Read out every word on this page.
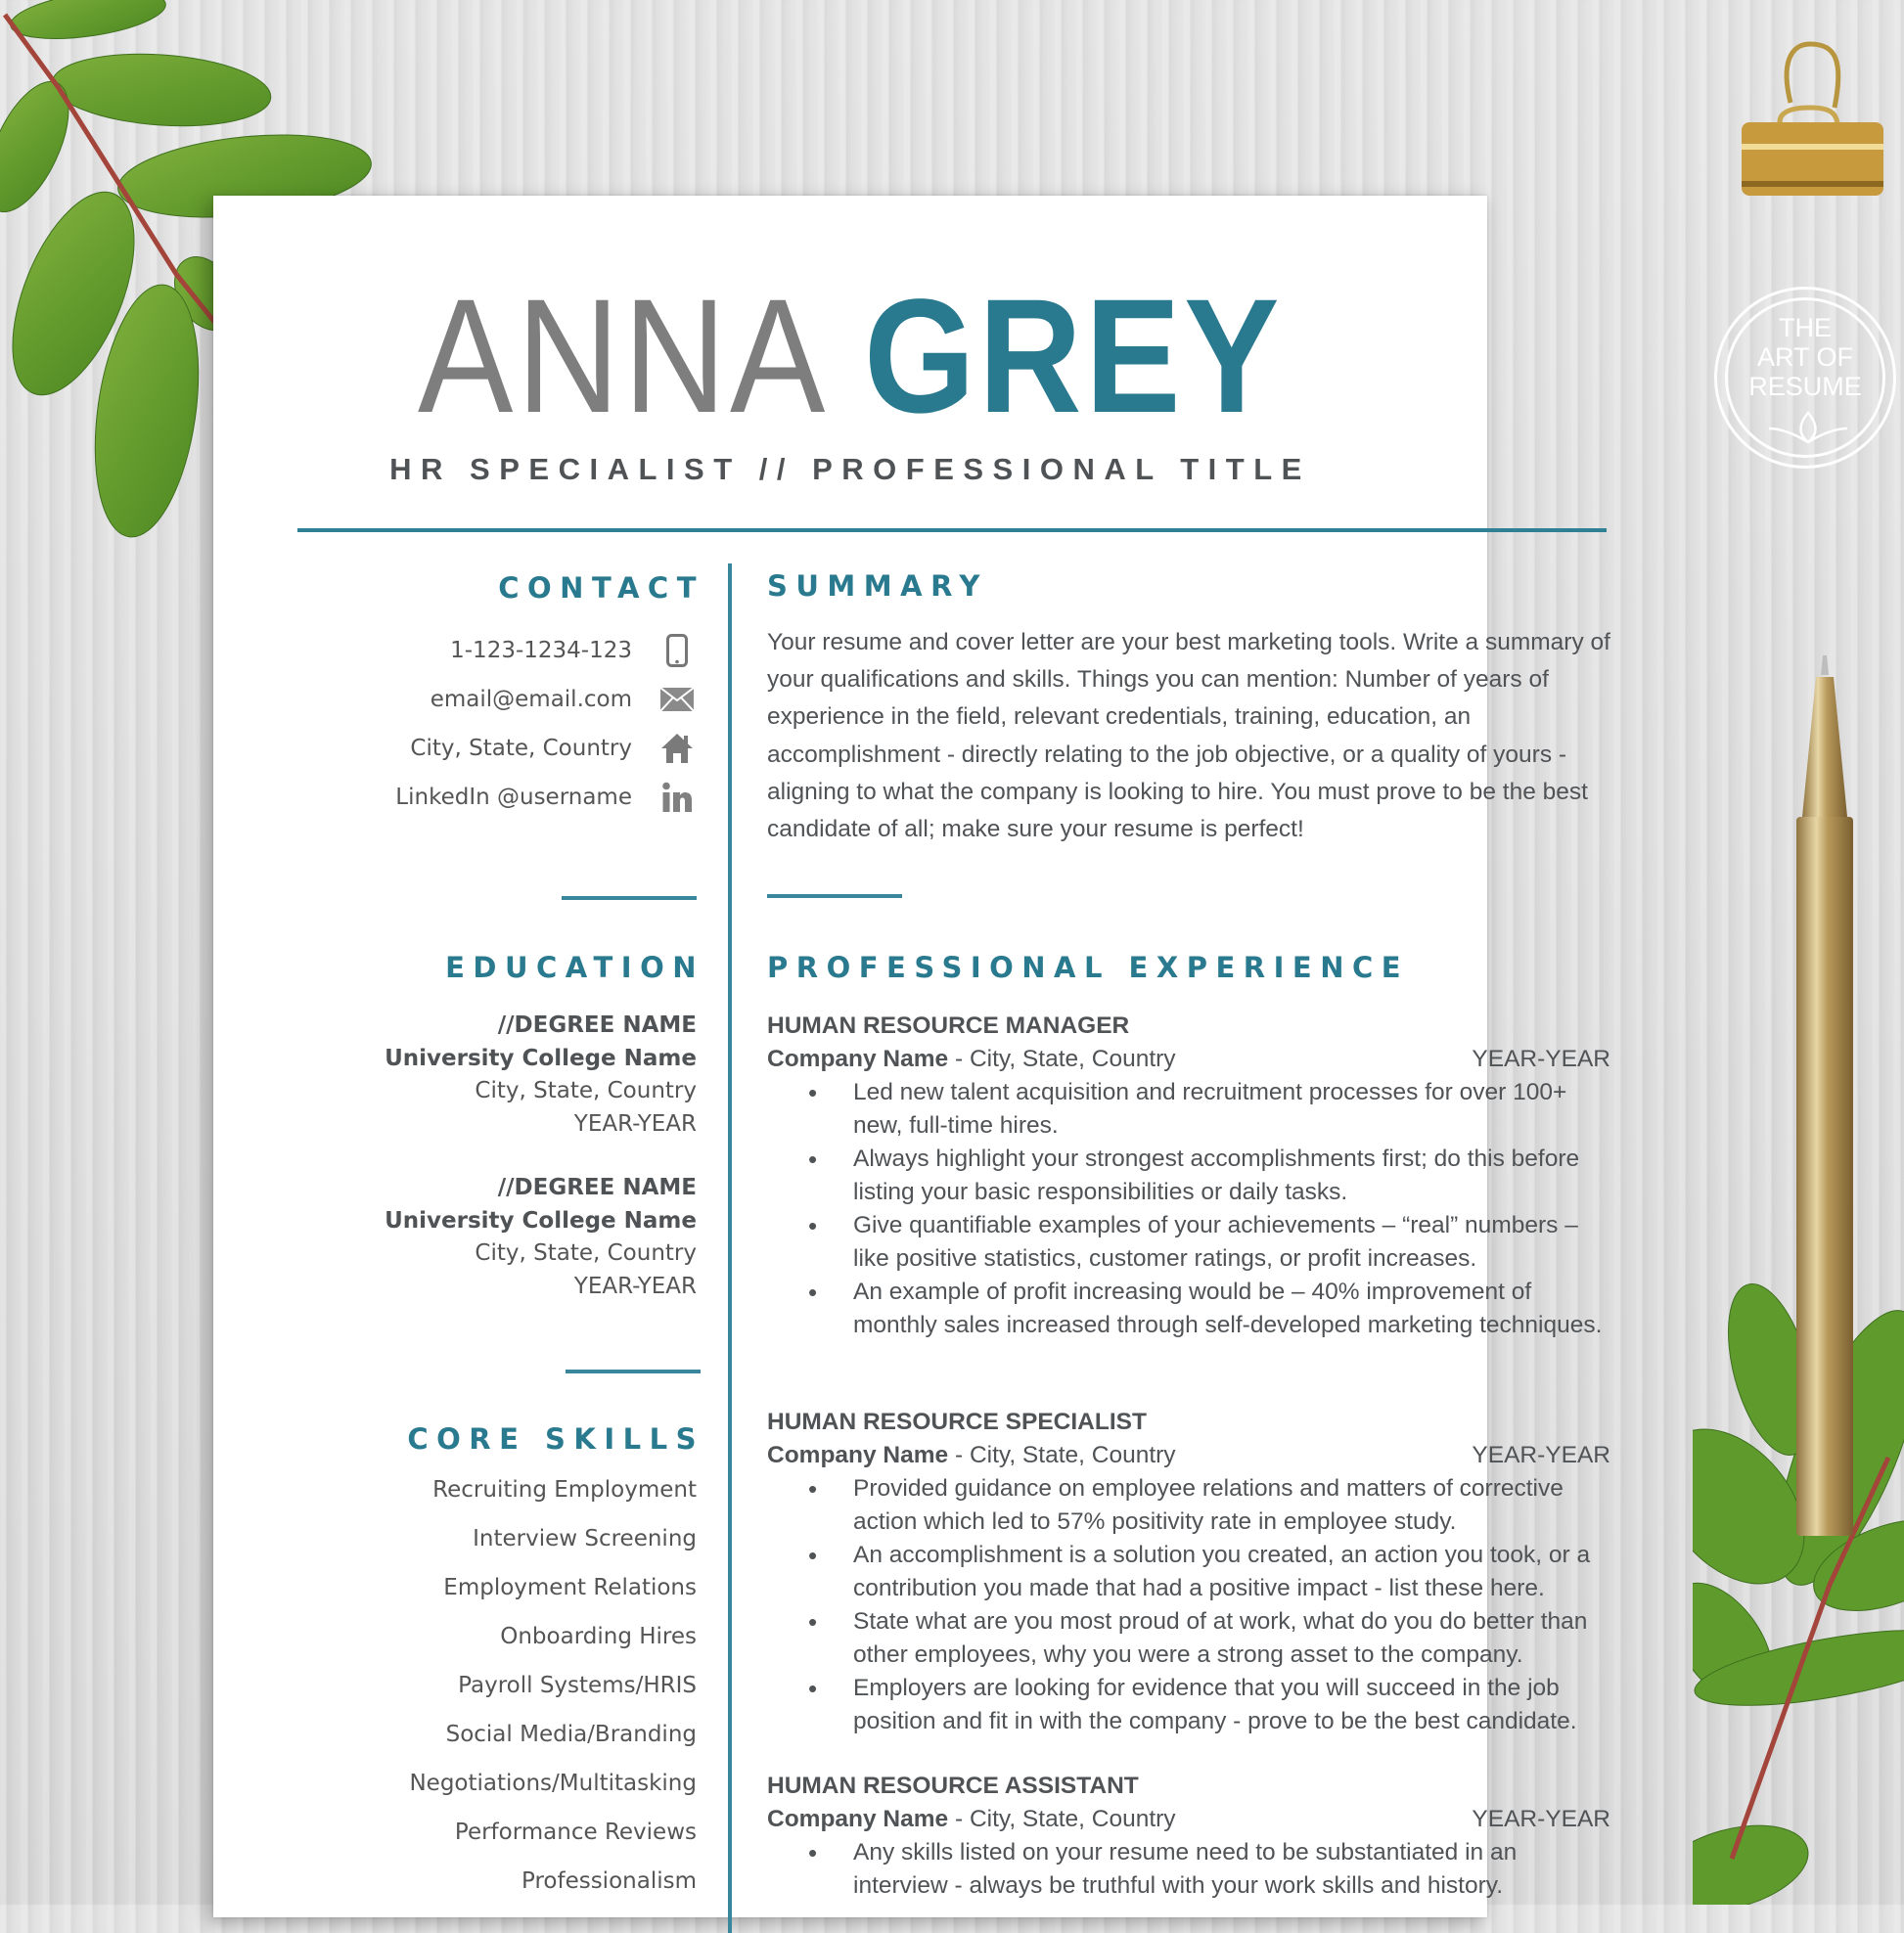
THE
ART OF
RESUME
ANNA GREY
HR SPECIALIST // PROFESSIONAL TITLE
CONTACT
1-123-1234-123
email@email.com
City, State, Country
LinkedIn @username
EDUCATION
//DEGREE NAME
University College Name
City, State, Country
YEAR-YEAR
//DEGREE NAME
University College Name
City, State, Country
YEAR-YEAR
CORE SKILLS
Recruiting Employment
Interview Screening
Employment Relations
Onboarding Hires
Payroll Systems/HRIS
Social Media/Branding
Negotiations/Multitasking
Performance Reviews
Professionalism
SUMMARY
Your resume and cover letter are your best marketing tools. Write a summary of your qualifications and skills. Things you can mention: Number of years of experience in the field, relevant credentials, training, education, an accomplishment - directly relating to the job objective, or a quality of yours - aligning to what the company is looking to hire. You must prove to be the best candidate of all; make sure your resume is perfect!
PROFESSIONAL EXPERIENCE
HUMAN RESOURCE MANAGER
Company Name - City, State, Country	YEAR-YEAR
• Led new talent acquisition and recruitment processes for over 100+ new, full-time hires.
• Always highlight your strongest accomplishments first; do this before listing your basic responsibilities or daily tasks.
• Give quantifiable examples of your achievements – “real” numbers – like positive statistics, customer ratings, or profit increases.
• An example of profit increasing would be – 40% improvement of monthly sales increased through self-developed marketing techniques.
HUMAN RESOURCE SPECIALIST
Company Name - City, State, Country	YEAR-YEAR
• Provided guidance on employee relations and matters of corrective action which led to 57% positivity rate in employee study.
• An accomplishment is a solution you created, an action you took, or a contribution you made that had a positive impact - list these here.
• State what are you most proud of at work, what do you do better than other employees, why you were a strong asset to the company.
• Employers are looking for evidence that you will succeed in the job position and fit in with the company - prove to be the best candidate.
HUMAN RESOURCE ASSISTANT
Company Name - City, State, Country	YEAR-YEAR
• Any skills listed on your resume need to be substantiated in an interview - always be truthful with your work skills and history.
